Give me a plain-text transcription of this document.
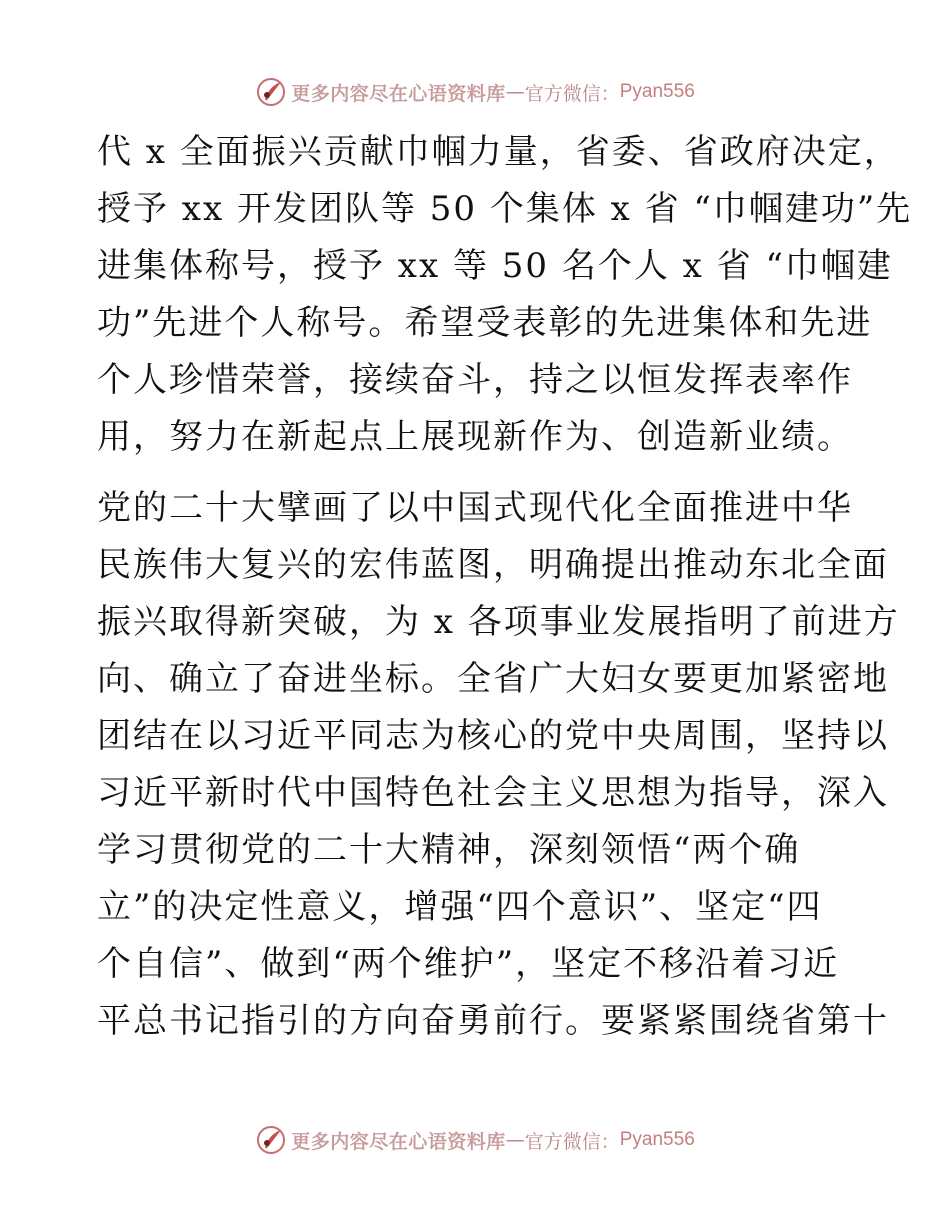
更多内容尽在心语资料库 — 官方微信： Pyan556

代 x 全面振兴贡献巾帼力量，省委、省政府决定，
授予 xx 开发团队等 50 个集体 x 省 “巾帼建功”先
进集体称号，授予 xx 等 50 名个人 x 省 “巾帼建
功”先进个人称号。希望受表彰的先进集体和先进
个人珍惜荣誉，接续奋斗，持之以恒发挥表率作
用，努力在新起点上展现新作为、创造新业绩。

党的二十大擘画了以中国式现代化全面推进中华
民族伟大复兴的宏伟蓝图，明确提出推动东北全面
振兴取得新突破，为 x 各项事业发展指明了前进方
向、确立了奋进坐标。全省广大妇女要更加紧密地
团结在以习近平同志为核心的党中央周围，坚持以
习近平新时代中国特色社会主义思想为指导，深入
学习贯彻党的二十大精神，深刻领悟“两个确
立”的决定性意义，增强“四个意识”、坚定“四
个自信”、做到“两个维护”，坚定不移沿着习近
平总书记指引的方向奋勇前行。要紧紧围绕省第十

更多内容尽在心语资料库 — 官方微信： Pyan556
